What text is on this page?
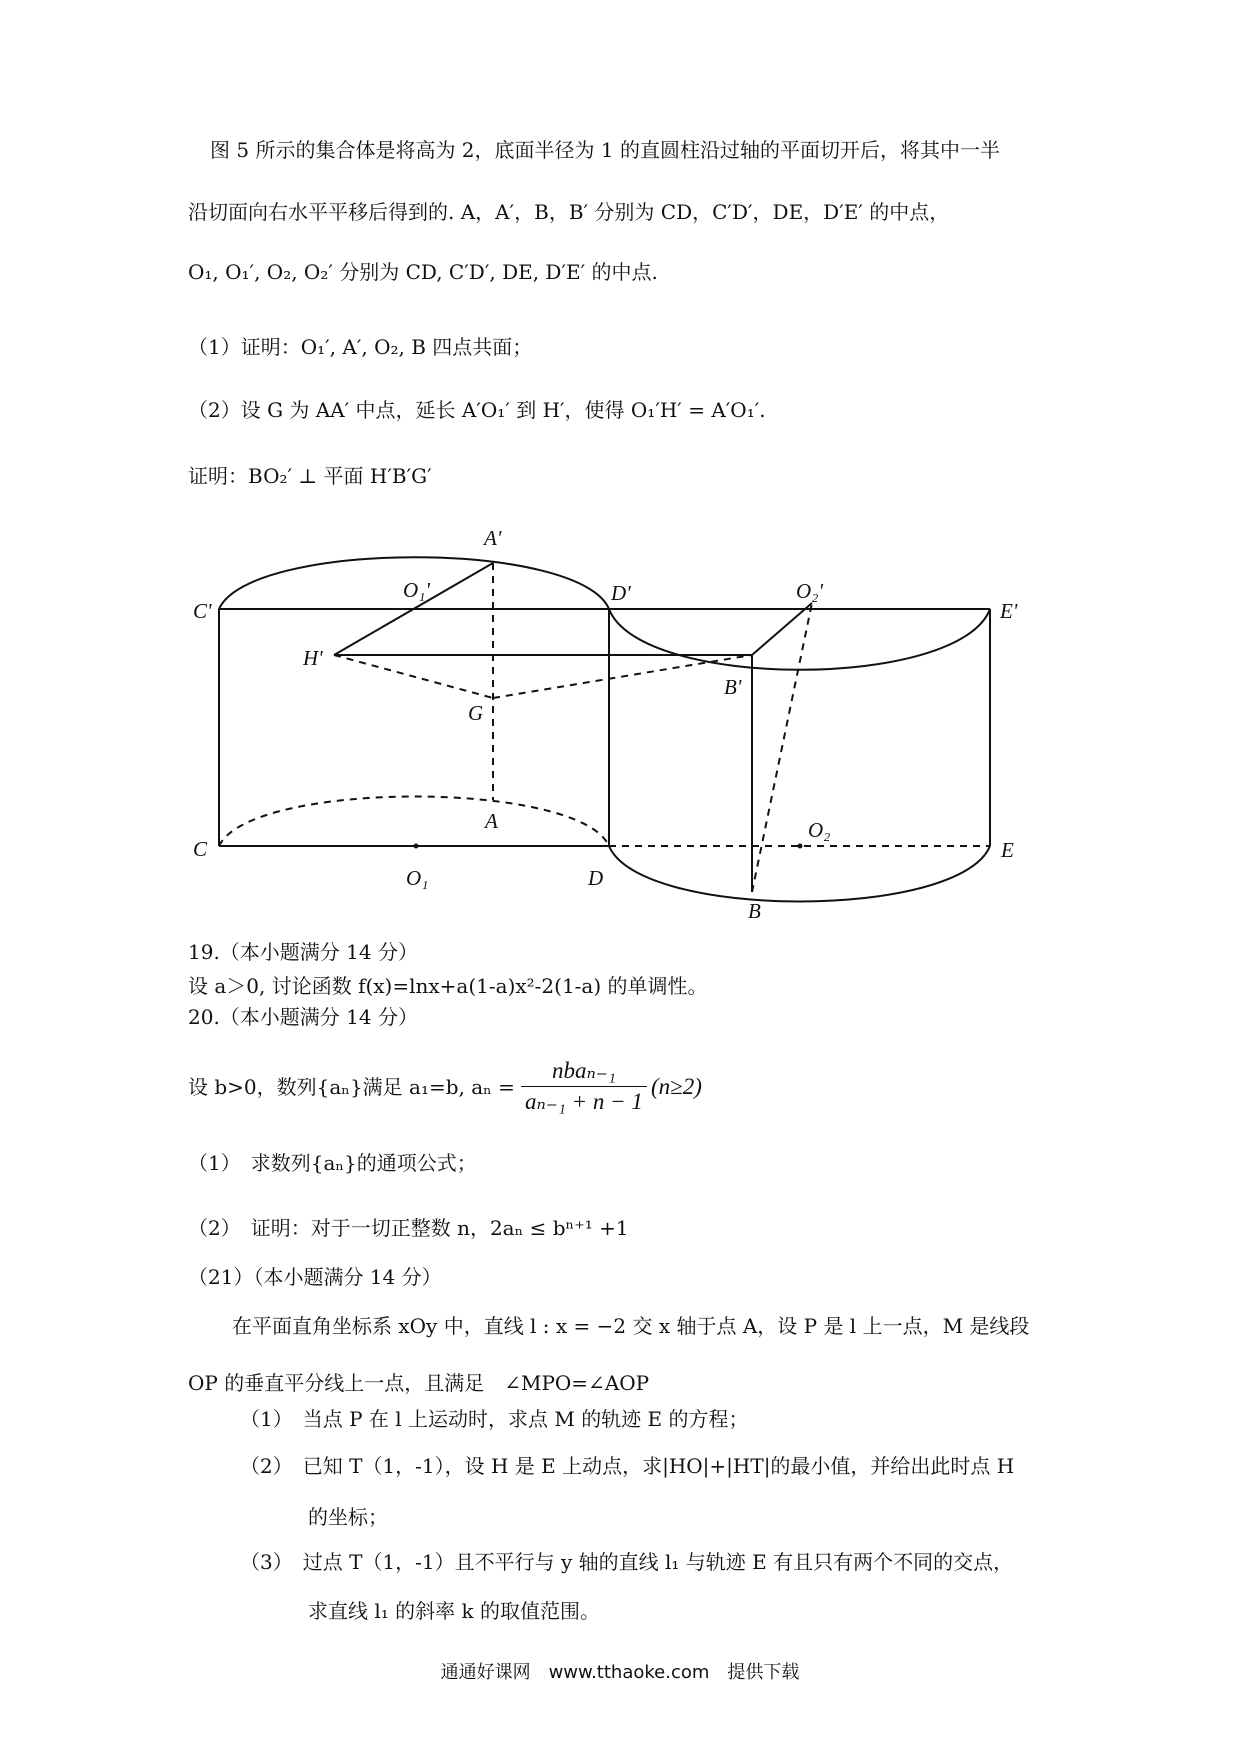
图 5 所示的集合体是将高为 2，底面半径为 1 的直圆柱沿过轴的平面切开后，将其中一半
沿切面向右水平平移后得到的. A，A′，B，B′ 分别为 CD，C′D′，DE，D′E′ 的中点，
O₁, O₁′, O₂, O₂′ 分别为 CD, C′D′, DE, D′E′ 的中点.
（1）证明：O₁′, A′, O₂, B 四点共面；
（2）设 G 为 AA′ 中点，延长 A′O₁′ 到 H′，使得 O₁′H′ = A′O₁′.
证明：BO₂′ ⊥ 平面 H′B′G′
A'
O₁'	D'	O₂'
C'	E'
H'
B'
G
A
C
O₁	D
O₂
E
B
19.（本小题满分 14 分）
设 a＞0, 讨论函数 f(x)=lnx+a(1-a)x²-2(1-a) 的单调性。
20.（本小题满分 14 分）
设 b>0，数列{aₙ}满足 a₁=b, $a_n = \frac{\text{nbaₙ₋₁}}{\text{aₙ₋₁ + n − 1}} (n\ge 2)$
（1）　求数列{aₙ}的通项公式；
（2）　证明：对于一切正整数 n，2aₙ ≤ bⁿ⁺¹ +1
（21）（本小题满分 14 分）
在平面直角坐标系 xOy 中，直线 l : x = −2 交 x 轴于点 A，设 P 是 l 上一点，M 是线段
OP 的垂直平分线上一点，且满足　∠MPO=∠AOP
（1）　当点 P 在 l 上运动时，求点 M 的轨迹 E 的方程；
（2）　已知 T（1，-1），设 H 是 E 上动点，求|HO|+|HT|的最小值，并给出此时点 H
的坐标；
（3）　过点 T（1，-1）且不平行与 y 轴的直线 l₁ 与轨迹 E 有且只有两个不同的交点，
求直线 l₁ 的斜率 k 的取值范围。
通通好课网　www.tthaoke.com　提供下载
